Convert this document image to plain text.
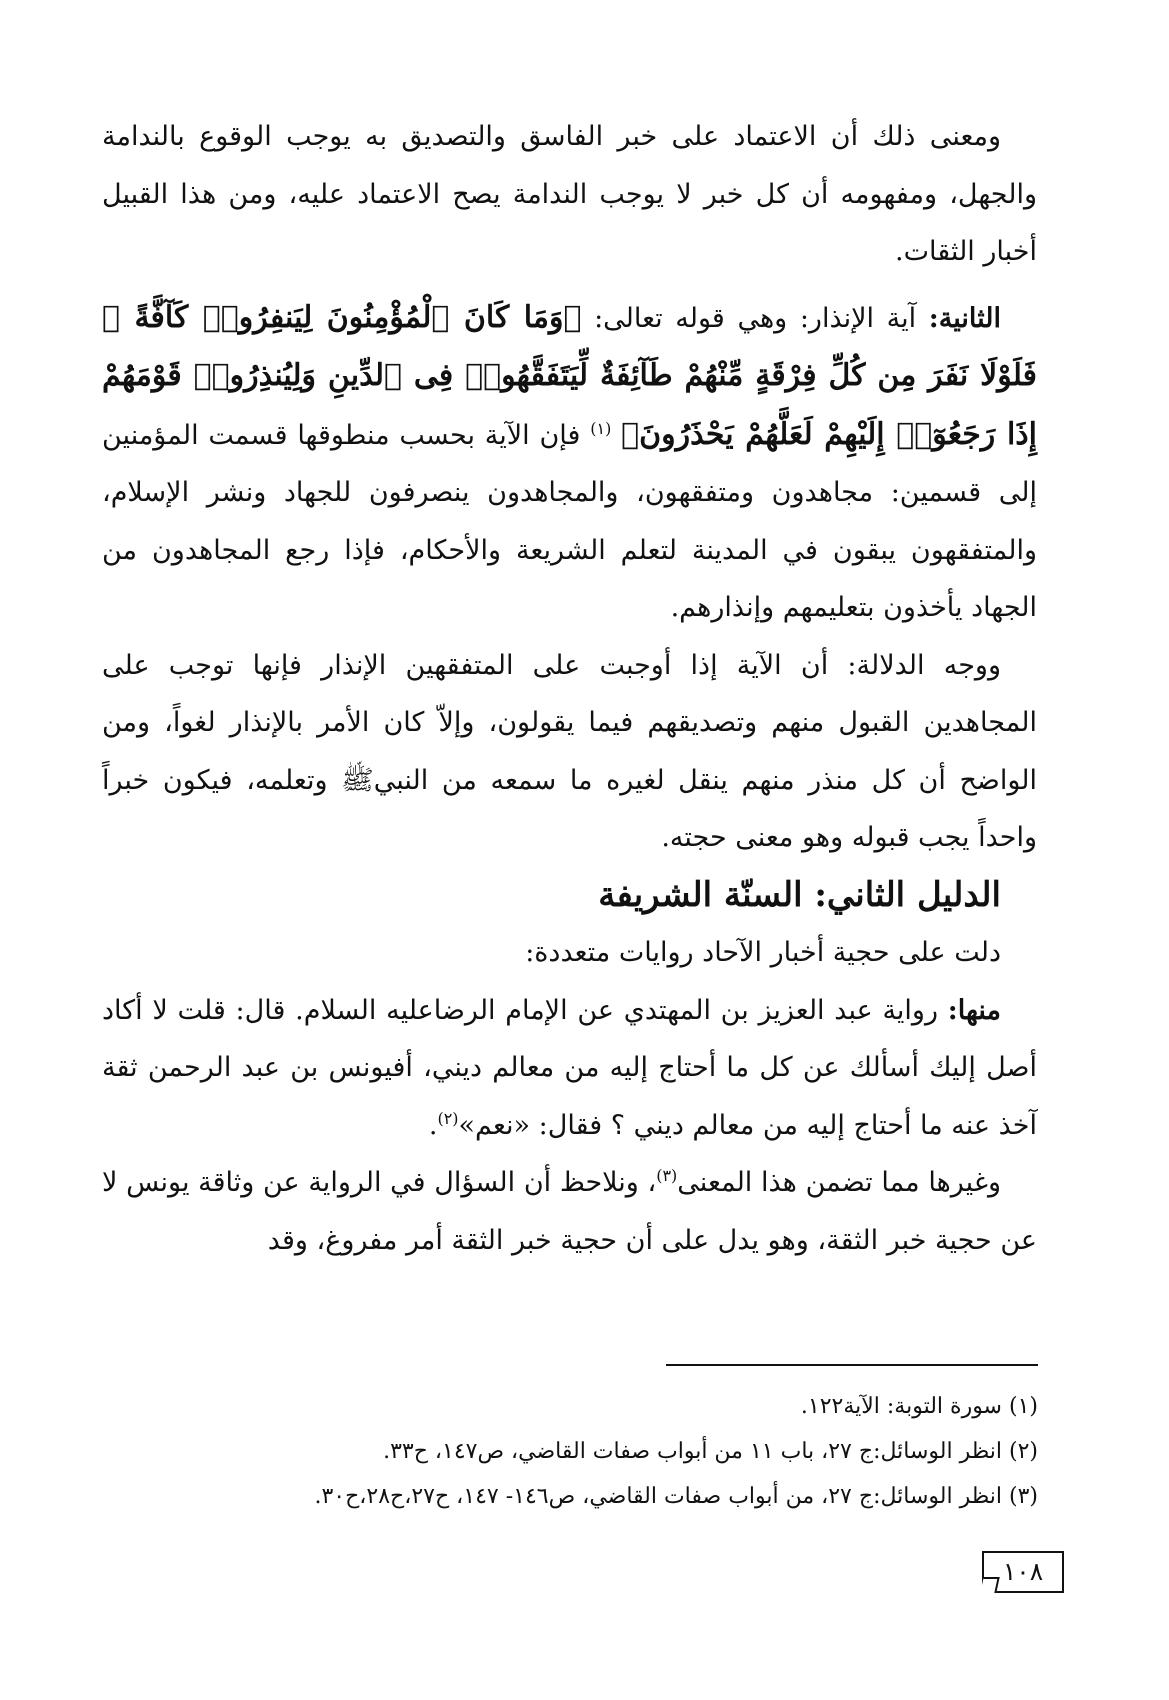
ومعنى ذلك أن الاعتماد على خبر الفاسق والتصديق به يوجب الوقوع بالندامة والجهل، ومفهومه أن كل خبر لا يوجب الندامة يصح الاعتماد عليه، ومن هذا القبيل أخبار الثقات.

الثانية: آية الإنذار: وهي قوله تعالى: ﴿وَمَا كَانَ ٱلْمُؤْمِنُونَ لِيَنفِرُوا۟ كَآفَّةً ۚ فَلَوْلَا نَفَرَ مِن كُلِّ فِرْقَةٍ مِّنْهُمْ طَآئِفَةٌ لِّيَتَفَقَّهُوا۟ فِى ٱلدِّينِ وَلِيُنذِرُوا۟ قَوْمَهُمْ إِذَا رَجَعُوٓا۟ إِلَيْهِمْ لَعَلَّهُمْ يَحْذَرُونَ﴾ $^{(١)}$ فإن الآية بحسب منطوقها قسمت المؤمنين إلى قسمين: مجاهدون ومتفقهون، والمجاهدون ينصرفون للجهاد ونشر الإسلام، والمتفقهون يبقون في المدينة لتعلم الشريعة والأحكام، فإذا رجع المجاهدون من الجهاد يأخذون بتعليمهم وإنذارهم.

ووجه الدلالة: أن الآية إذا أوجبت على المتفقهين الإنذار فإنها توجب على المجاهدين القبول منهم وتصديقهم فيما يقولون، وإلاّ كان الأمر بالإنذار لغواً، ومن الواضح أن كل منذر منهم ينقل لغيره ما سمعه من النبيﷺ وتعلمه، فيكون خبراً واحداً يجب قبوله وهو معنى حجته.

الدليل الثاني: السنّة الشريفة

دلت على حجية أخبار الآحاد روايات متعددة:

منها: رواية عبد العزيز بن المهتدي عن الإمام الرضاعليه السلام. قال: قلت لا أكاد أصل إليك أسألك عن كل ما أحتاج إليه من معالم ديني، أفيونس بن عبد الرحمن ثقة آخذ عنه ما أحتاج إليه من معالم ديني ؟ فقال: «نعم»$^{(٢)}$.

وغيرها مما تضمن هذا المعنى$^{(٣)}$، ونلاحظ أن السؤال في الرواية عن وثاقة يونس لا عن حجية خبر الثقة، وهو يدل على أن حجية خبر الثقة أمر مفروغ، وقد

(١) سورة التوبة: الآية١٢٢.
(٢) انظر الوسائل:ج ٢٧، باب ١١ من أبواب صفات القاضي، ص١٤٧، ح٣٣.
(٣) انظر الوسائل:ج ٢٧، من أبواب صفات القاضي، ص١٤٦- ١٤٧، ح٢٧،ح٢٨،ح٣٠.
١٠٨
